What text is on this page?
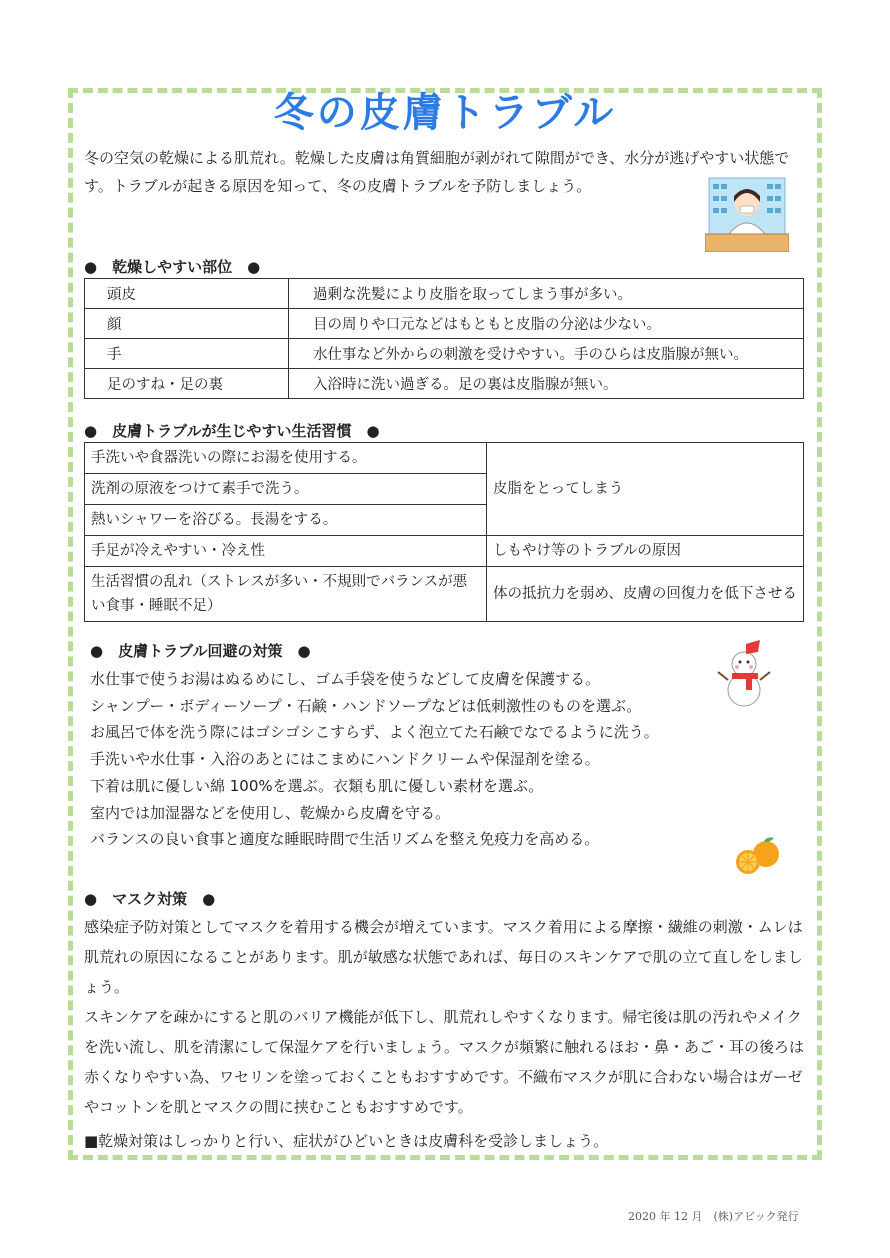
冬の皮膚トラブル
冬の空気の乾燥による肌荒れ。乾燥した皮膚は角質細胞が剥がれて隙間ができ、水分が逃げやすい状態です。トラブルが起きる原因を知って、冬の皮膚トラブルを予防しましょう。
●　乾燥しやすい部位　●
頭皮	過剰な洗髪により皮脂を取ってしまう事が多い。
顔	目の周りや口元などはもともと皮脂の分泌は少ない。
手	水仕事など外からの刺激を受けやすい。手のひらは皮脂腺が無い。
足のすね・足の裏	入浴時に洗い過ぎる。足の裏は皮脂腺が無い。
●　皮膚トラブルが生じやすい生活習慣　●
手洗いや食器洗いの際にお湯を使用する。	皮脂をとってしまう
洗剤の原液をつけて素手で洗う。	
熱いシャワーを浴びる。長湯をする。	
手足が冷えやすい・冷え性	しもやけ等のトラブルの原因
生活習慣の乱れ（ストレスが多い・不規則でバランスが悪い食事・睡眠不足）	体の抵抗力を弱め、皮膚の回復力を低下させる
●　皮膚トラブル回避の対策　●
水仕事で使うお湯はぬるめにし、ゴム手袋を使うなどして皮膚を保護する。
シャンプー・ボディーソープ・石鹸・ハンドソープなどは低刺激性のものを選ぶ。
お風呂で体を洗う際にはゴシゴシこすらず、よく泡立てた石鹸でなでるように洗う。
手洗いや水仕事・入浴のあとにはこまめにハンドクリームや保湿剤を塗る。
下着は肌に優しい綿 100%を選ぶ。衣類も肌に優しい素材を選ぶ。
室内では加湿器などを使用し、乾燥から皮膚を守る。
バランスの良い食事と適度な睡眠時間で生活リズムを整え免疫力を高める。
●　マスク対策　●
感染症予防対策としてマスクを着用する機会が増えています。マスク着用による摩擦・繊維の刺激・ムレは肌荒れの原因になることがあります。肌が敏感な状態であれば、毎日のスキンケアで肌の立て直しをしましょう。
スキンケアを疎かにすると肌のバリア機能が低下し、肌荒れしやすくなります。帰宅後は肌の汚れやメイクを洗い流し、肌を清潔にして保湿ケアを行いましょう。マスクが頻繁に触れるほお・鼻・あご・耳の後ろは赤くなりやすい為、ワセリンを塗っておくこともおすすめです。不織布マスクが肌に合わない場合はガーゼやコットンを肌とマスクの間に挟むこともおすすめです。
■乾燥対策はしっかりと行い、症状がひどいときは皮膚科を受診しましょう。
2020 年 12 月　(株)アビック発行
